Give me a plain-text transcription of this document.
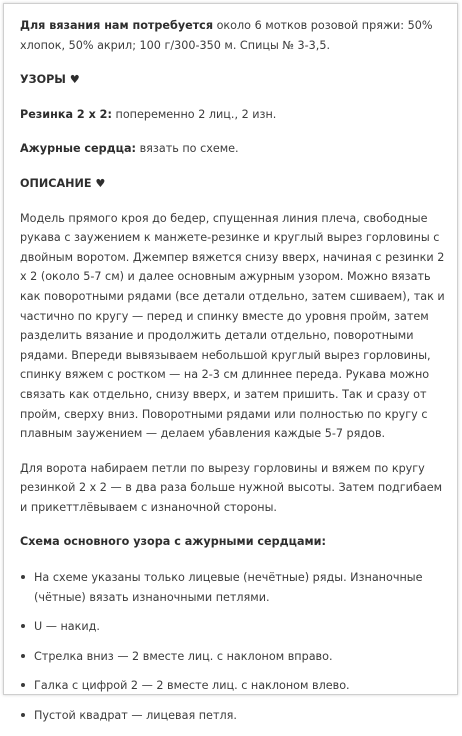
Для вязания нам потребуется около 6 мотков розовой пряжи: 50% хлопок, 50% акрил; 100 г/300-350 м. Спицы № 3-3,5.

УЗОРЫ ♥

Резинка 2 х 2: попеременно 2 лиц., 2 изн.

Ажурные сердца: вязать по схеме.

ОПИСАНИЕ ♥

Модель прямого кроя до бедер, спущенная линия плеча, свободные рукава с заужением к манжете-резинке и круглый вырез горловины с двойным воротом. Джемпер вяжется снизу вверх, начиная с резинки 2 х 2 (около 5-7 см) и далее основным ажурным узором. Можно вязать как поворотными рядами (все детали отдельно, затем сшиваем), так и частично по кругу — перед и спинку вместе до уровня пройм, затем разделить вязание и продолжить детали отдельно, поворотными рядами. Впереди вывязываем небольшой круглый вырез горловины, спинку вяжем с ростком — на 2-3 см длиннее переда. Рукава можно связать как отдельно, снизу вверх, и затем пришить. Так и сразу от пройм, сверху вниз. Поворотными рядами или полностью по кругу с плавным заужением — делаем убавления каждые 5-7 рядов.

Для ворота набираем петли по вырезу горловины и вяжем по кругу резинкой 2 х 2 — в два раза больше нужной высоты. Затем подгибаем и прикеттлёвываем с изнаночной стороны.

Схема основного узора с ажурными сердцами:

На схеме указаны только лицевые (нечётные) ряды. Изнаночные (чётные) вязать изнаночными петлями.
U — накид.
Стрелка вниз — 2 вместе лиц. с наклоном вправо.
Галка с цифрой 2 — 2 вместе лиц. с наклоном влево.
Пустой квадрат — лицевая петля.
